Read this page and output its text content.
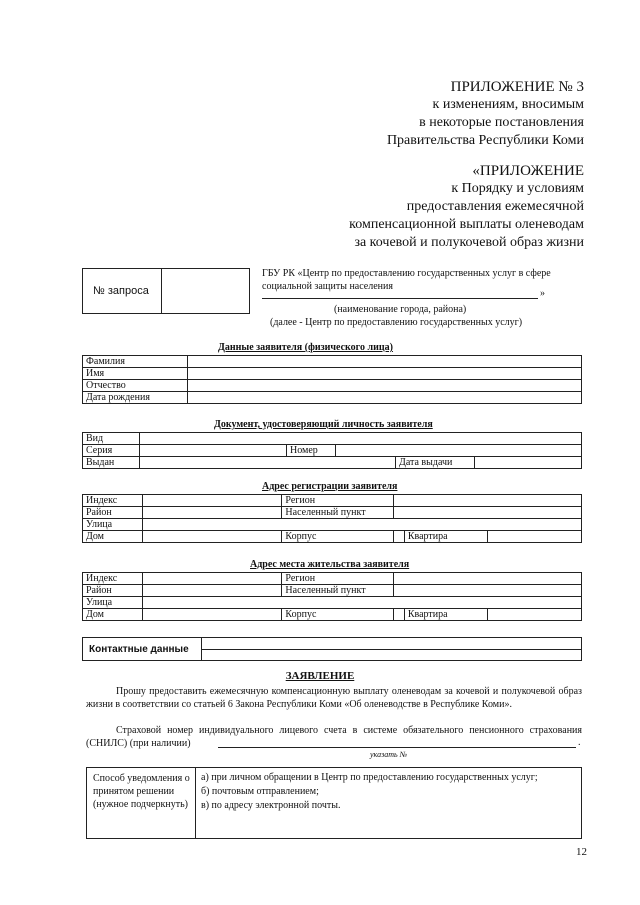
ПРИЛОЖЕНИЕ № 3
к изменениям, вносимым
в некоторые постановления
Правительства Республики Коми
«ПРИЛОЖЕНИЕ
к Порядку и условиям
предоставления ежемесячной
компенсационной выплаты оленеводам
за кочевой и полукочевой образ жизни
№ запроса
ГБУ РК «Центр по предоставлению государственных услуг в сфере
социальной защиты населения
»
(наименование города, района)
(далее - Центр по предоставлению государственных услуг)
Данные заявителя (физического лица)
Фамилия	
Имя	
Отчество	
Дата рождения	
Документ, удостоверяющий личность заявителя
Вид					
Серия		Номер			
Выдан				Дата выдачи	
Адрес регистрации заявителя
Индекс		Регион			
Район		Населенный пункт			
Улица					
Дом		Корпус		Квартира	
Адрес места жительства заявителя
Индекс		Регион			
Район		Населенный пункт			
Улица					
Дом		Корпус		Квартира	
Контактные данные
ЗАЯВЛЕНИЕ
Прошу предоставить ежемесячную компенсационную выплату оленеводам за кочевой и полукочевой образ жизни в соответствии со статьей 6 Закона Республики Коми «Об оленеводстве в Республике Коми».
Страховой номер индивидуального лицевого счета в системе обязательного пенсионного страхования (СНИЛС) (при наличии)	.
указать №
Способ уведомления о принятом решении (нужное подчеркнуть)
а) при личном обращении в Центр по предоставлению государственных услуг;
б) почтовым отправлением;
в) по адресу электронной почты.
12
